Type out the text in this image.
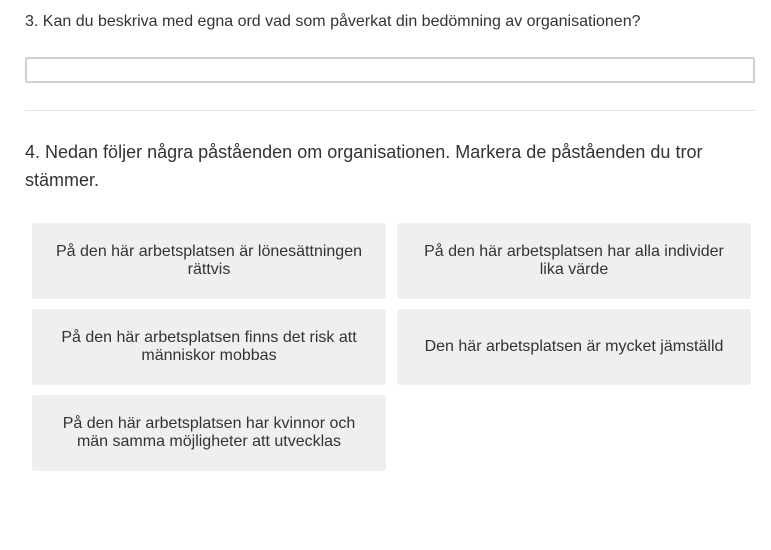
3. Kan du beskriva med egna ord vad som påverkat din bedömning av organisationen?
4. Nedan följer några påståenden om organisationen. Markera de påståenden du tror stämmer.
På den här arbetsplatsen är lönesättningen rättvis
På den här arbetsplatsen har alla individer lika värde
På den här arbetsplatsen finns det risk att människor mobbas
Den här arbetsplatsen är mycket jämställd
På den här arbetsplatsen har kvinnor och män samma möjligheter att utvecklas
